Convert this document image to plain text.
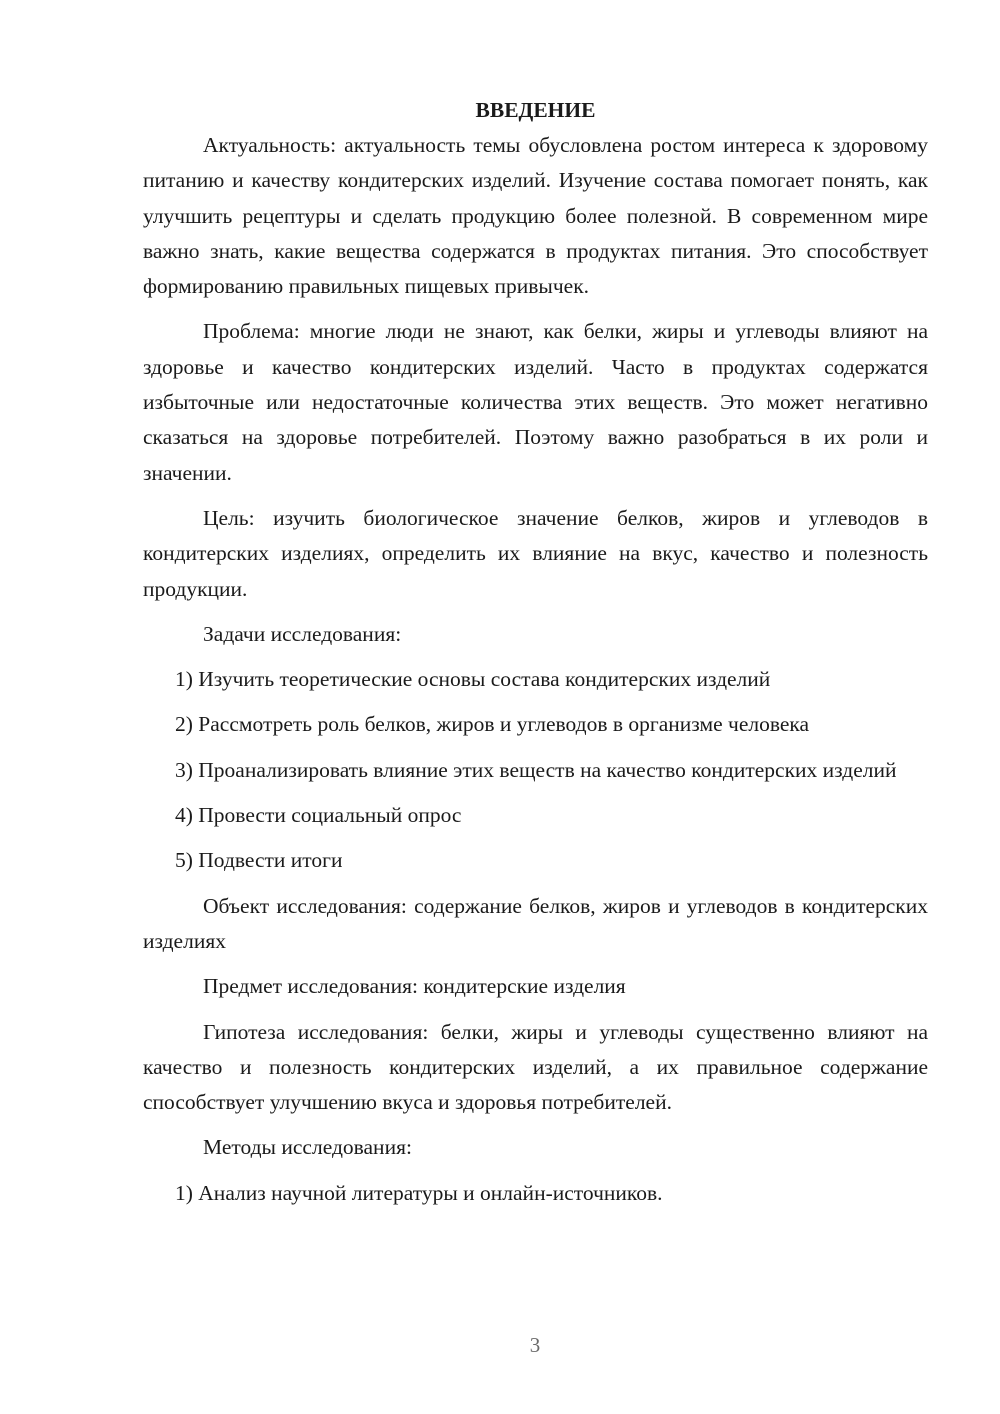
ВВЕДЕНИЕ

Актуальность: актуальность темы обусловлена ростом интереса к здоровому питанию и качеству кондитерских изделий. Изучение состава помогает понять, как улучшить рецептуры и сделать продукцию более полезной. В современном мире важно знать, какие вещества содержатся в продуктах питания. Это способствует формированию правильных пищевых привычек.

Проблема: многие люди не знают, как белки, жиры и углеводы влияют на здоровье и качество кондитерских изделий. Часто в продуктах содержатся избыточные или недостаточные количества этих веществ. Это может негативно сказаться на здоровье потребителей. Поэтому важно разобраться в их роли и значении.

Цель: изучить биологическое значение белков, жиров и углеводов в кондитерских изделиях, определить их влияние на вкус, качество и полезность продукции.

Задачи исследования:

1) Изучить теоретические основы состава кондитерских изделий

2) Рассмотреть роль белков, жиров и углеводов в организме человека

3) Проанализировать влияние этих веществ на качество кондитерских изделий

4) Провести социальный опрос

5) Подвести итоги

Объект исследования: содержание белков, жиров и углеводов в кондитерских изделиях

Предмет исследования: кондитерские изделия

Гипотеза исследования: белки, жиры и углеводы существенно влияют на качество и полезность кондитерских изделий, а их правильное содержание способствует улучшению вкуса и здоровья потребителей.

Методы исследования:

1) Анализ научной литературы и онлайн-источников.

3
